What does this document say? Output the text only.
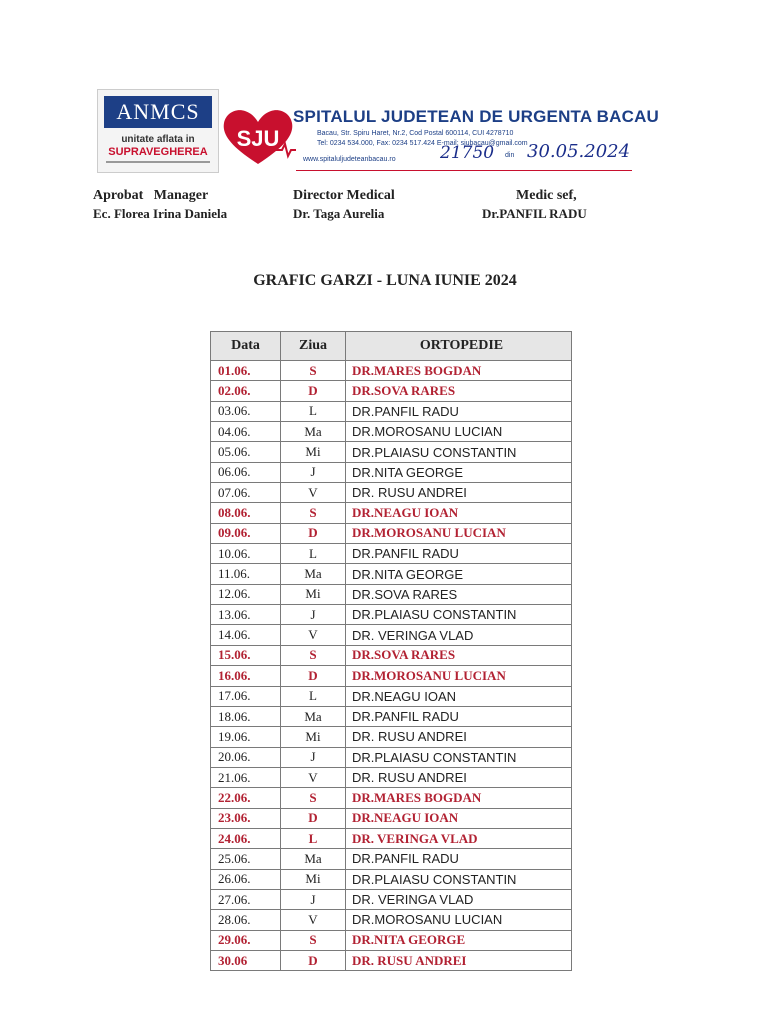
ANMCS
unitate aflata in
SUPRAVEGHEREA
SJU
SPITALUL JUDETEAN DE URGENTA BACAU
Bacau, Str. Spiru Haret, Nr.2, Cod Postal 600114, CUI 4278710
Tel: 0234 534.000, Fax: 0234 517.424 E-mail: sjubacau@gmail.com
www.spitaluljudeteanbacau.ro	21750 din 30.05.2024
Aprobat   Manager
Ec. Florea Irina Daniela
Director Medical
Dr. Taga Aurelia
Medic sef,
Dr.PANFIL RADU
GRAFIC GARZI - LUNA IUNIE 2024
Data	Ziua	ORTOPEDIE
01.06.	S	DR.MARES BOGDAN
02.06.	D	DR.SOVA RARES
03.06.	L	DR.PANFIL RADU
04.06.	Ma	DR.MOROSANU LUCIAN
05.06.	Mi	DR.PLAIASU CONSTANTIN
06.06.	J	DR.NITA GEORGE
07.06.	V	DR. RUSU ANDREI
08.06.	S	DR.NEAGU IOAN
09.06.	D	DR.MOROSANU LUCIAN
10.06.	L	DR.PANFIL RADU
11.06.	Ma	DR.NITA GEORGE
12.06.	Mi	DR.SOVA RARES
13.06.	J	DR.PLAIASU CONSTANTIN
14.06.	V	DR. VERINGA VLAD
15.06.	S	DR.SOVA RARES
16.06.	D	DR.MOROSANU LUCIAN
17.06.	L	DR.NEAGU IOAN
18.06.	Ma	DR.PANFIL RADU
19.06.	Mi	DR. RUSU ANDREI
20.06.	J	DR.PLAIASU CONSTANTIN
21.06.	V	DR. RUSU ANDREI
22.06.	S	DR.MARES BOGDAN
23.06.	D	DR.NEAGU IOAN
24.06.	L	DR. VERINGA VLAD
25.06.	Ma	DR.PANFIL RADU
26.06.	Mi	DR.PLAIASU CONSTANTIN
27.06.	J	DR. VERINGA VLAD
28.06.	V	DR.MOROSANU LUCIAN
29.06.	S	DR.NITA GEORGE
30.06	D	DR. RUSU ANDREI
